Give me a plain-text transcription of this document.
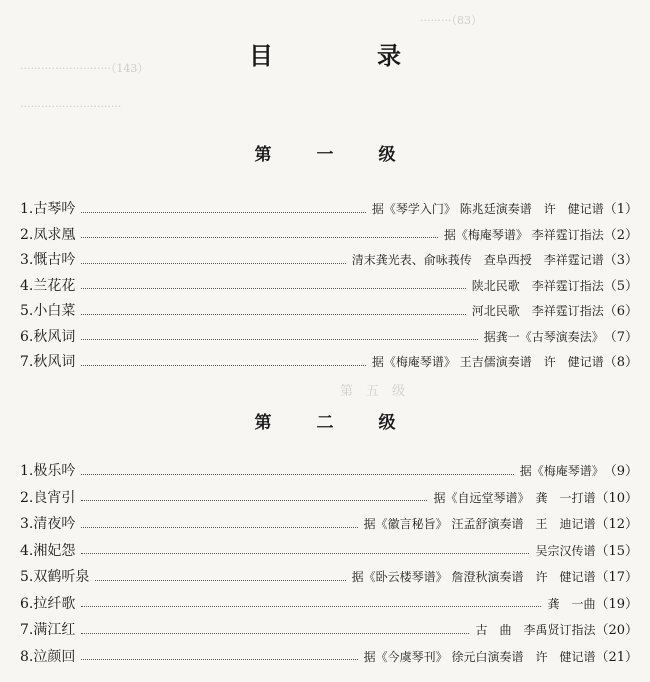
·········（83）
··························（143）
·····························
第　五　级
目　录
第　一　级
1.古琴吟	据《琴学入门》 陈兆廷演奏谱　许　健记谱 （1）
2.凤求凰	据《梅庵琴谱》 李祥霆订指法 （2）
3.慨古吟	清末龚光表、俞咏莪传　查阜西授　李祥霆记谱 （3）
4.兰花花	陕北民歌　李祥霆订指法 （5）
5.小白菜	河北民歌　李祥霆订指法 （6）
6.秋风词	据龚一《古琴演奏法》 （7）
7.秋风词	据《梅庵琴谱》 王吉儒演奏谱　许　健记谱 （8）
第　二　级
1.极乐吟	据《梅庵琴谱》 （9）
2.良宵引	据《自远堂琴谱》　龚　一打谱 （10）
3.清夜吟	据《徽言秘旨》 汪孟舒演奏谱　王　迪记谱 （12）
4.湘妃怨	吴宗汉传谱 （15）
5.双鹤听泉	据《卧云楼琴谱》 詹澄秋演奏谱　许　健记谱 （17）
6.拉纤歌	龚　一曲 （19）
7.满江红	古　曲　李禹贤订指法 （20）
8.泣颜回	据《今虞琴刊》 徐元白演奏谱　许　健记谱 （21）
